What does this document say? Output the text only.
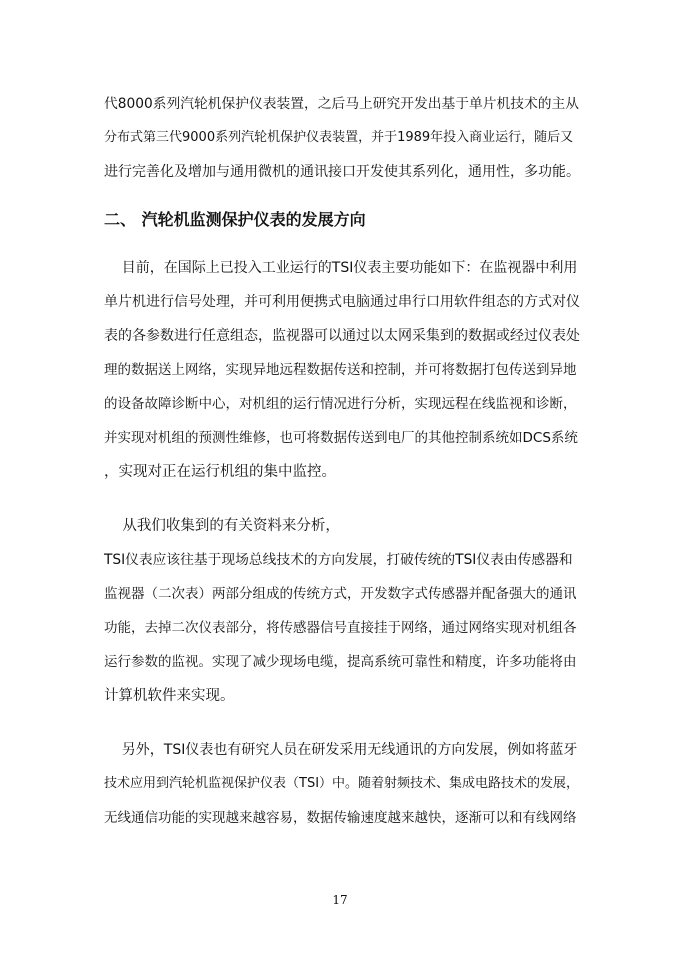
代8000系列汽轮机保护仪表装置，之后马上研究开发出基于单片机技术的主从
分布式第三代9000系列汽轮机保护仪表装置，并于1989年投入商业运行，随后又
进行完善化及增加与通用微机的通讯接口开发使其系列化，通用性，多功能。
二、 汽轮机监测保护仪表的发展方向
目前，在国际上已投入工业运行的TSI仪表主要功能如下：在监视器中利用
单片机进行信号处理，并可利用便携式电脑通过串行口用软件组态的方式对仪
表的各参数进行任意组态，监视器可以通过以太网采集到的数据或经过仪表处
理的数据送上网络，实现异地远程数据传送和控制，并可将数据打包传送到异地
的设备故障诊断中心，对机组的运行情况进行分析，实现远程在线监视和诊断，
并实现对机组的预测性维修，也可将数据传送到电厂的其他控制系统如DCS系统
，实现对正在运行机组的集中监控。
从我们收集到的有关资料来分析，
TSI仪表应该往基于现场总线技术的方向发展，打破传统的TSI仪表由传感器和
监视器（二次表）两部分组成的传统方式，开发数字式传感器并配备强大的通讯
功能，去掉二次仪表部分，将传感器信号直接挂于网络，通过网络实现对机组各
运行参数的监视。实现了减少现场电缆，提高系统可靠性和精度，许多功能将由
计算机软件来实现。
另外，TSI仪表也有研究人员在研发采用无线通讯的方向发展，例如将蓝牙
技术应用到汽轮机监视保护仪表（TSI）中。随着射频技术、集成电路技术的发展，
无线通信功能的实现越来越容易，数据传输速度越来越快，逐渐可以和有线网络
17
